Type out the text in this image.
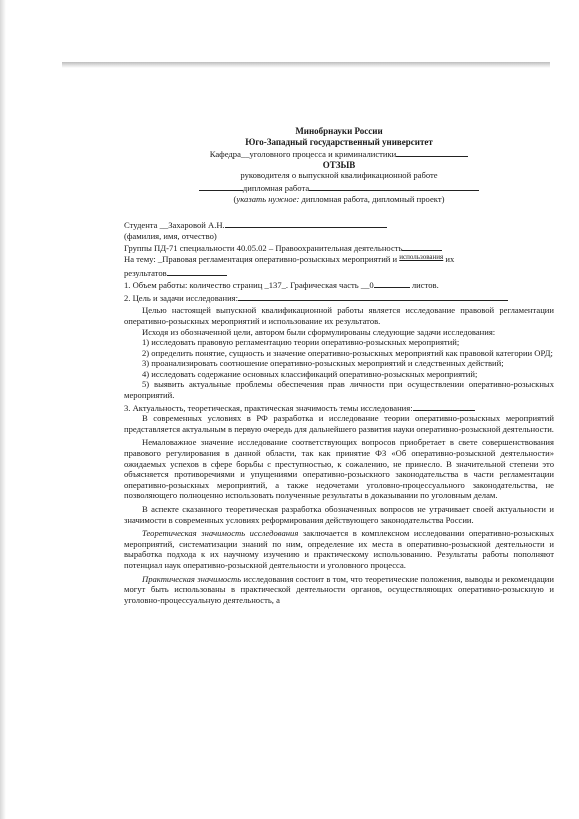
Минобрнауки России
Юго-Западный государственный университет
Кафедра__уголовного процесса и криминалистики
ОТЗЫВ
руководителя о выпускной квалификационной работе
дипломная работа
(указать нужное: дипломная работа, дипломный проект)
Студента __Захаровой А.Н.
(фамилия, имя, отчество)
Группы ПД-71 специальности 40.05.02 – Правоохранительная деятельность
На тему: _Правовая регламентация оперативно-розыскных мероприятий и $^{использования}$ их
результатов
1. Объем работы: количество страниц _137_. Графическая часть __0	листов.
2. Цель и задачи исследования:
Целью настоящей выпускной квалификационной работы является исследование правовой регламентации оперативно-розыскных мероприятий и использование их результатов.
Исходя из обозначенной цели, автором были сформулированы следующие задачи исследования:
1) исследовать правовую регламентацию теории оперативно-розыскных мероприятий;
2) определить понятие, сущность и значение оперативно-розыскных мероприятий как правовой категории ОРД;
3) проанализировать соотношение оперативно-розыскных мероприятий и следственных действий;
4) исследовать содержание основных классификаций оперативно-розыскных мероприятий;
5) выявить актуальные проблемы обеспечения прав личности при осуществлении оперативно-розыскных мероприятий.
3. Актуальность, теоретическая, практическая значимость темы исследования:
В современных условиях в РФ разработка и исследование теории оперативно-розыскных мероприятий представляется актуальным в первую очередь для дальнейшего развития науки оперативно-розыскной деятельности.
Немаловажное значение исследование соответствующих вопросов приобретает в свете совершенствования правового регулирования в данной области, так как принятие ФЗ «Об оперативно-розыскной деятельности» ожидаемых успехов в сфере борьбы с преступностью, к сожалению, не принесло. В значительной степени это объясняется противоречиями и упущениями оперативно-розыскного законодательства в части регламентации оперативно-розыскных мероприятий, а также недочетами уголовно-процессуального законодательства, не позволяющего полноценно использовать полученные результаты в доказывании по уголовным делам.
В аспекте сказанного теоретическая разработка обозначенных вопросов не утрачивает своей актуальности и значимости в современных условиях реформирования действующего законодательства России.
Теоретическая значимость исследования заключается в комплексном исследовании оперативно-розыскных мероприятий, систематизации знаний по ним, определение их места в оперативно-розыскной деятельности и выработка подхода к их научному изучению и практическому использованию. Результаты работы пополняют потенциал наук оперативно-розыскной деятельности и уголовного процесса.
Практическая значимость исследования состоит в том, что теоретические положения, выводы и рекомендации могут быть использованы в практической деятельности органов, осуществляющих оперативно-розыскную и уголовно-процессуальную деятельность, а
